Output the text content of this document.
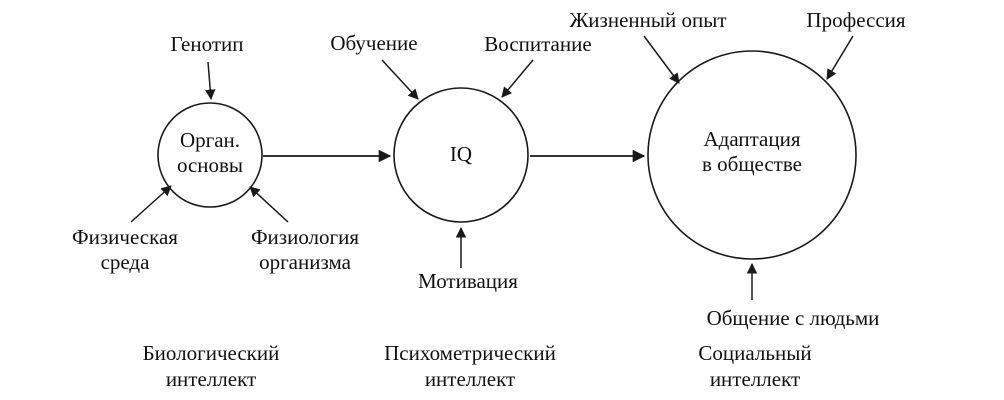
Орган.
основы	IQ
Адаптация
в обществе
Генотип
Физическая
среда
Физиология
организма
Обучение	Воспитание
Мотивация
Жизненный опыт	Профессия
Общение с людьми
Биологический
интеллект
Психометрический
интеллект
Социальный
интеллект
